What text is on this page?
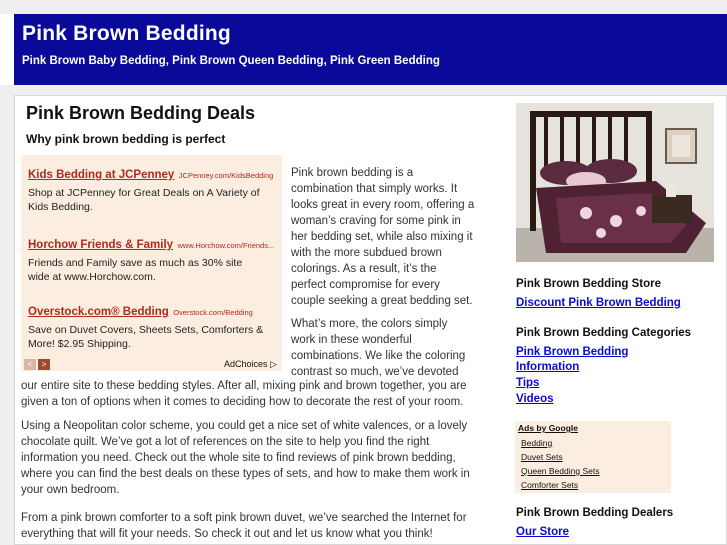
Pink Brown Bedding
Pink Brown Baby Bedding, Pink Brown Queen Bedding, Pink Green Bedding
Pink Brown Bedding Deals
Why pink brown bedding is perfect
Kids Bedding at JCPenney JCPenney.com/KidsBedding
Shop at JCPenney for Great Deals on A Variety of
Kids Bedding.
Horchow Friends & Family www.Horchow.com/Friends...
Friends and Family save as much as 30% site
wide at www.Horchow.com.
Overstock.com® Bedding Overstock.com/Bedding
Save on Duvet Covers, Sheets Sets, Comforters &
More! $2.95 Shipping.
<	>	AdChoices ▷
Pink brown bedding is a
combination that simply works. It
looks great in every room, offering a
woman’s craving for some pink in
her bedding set, while also mixing it
with the more subdued brown
colorings. As a result, it’s the
perfect compromise for every
couple seeking a great bedding set.
What’s more, the colors simply
work in these wonderful
combinations. We like the coloring
contrast so much, we’ve devoted
our entire site to these bedding styles. After all, mixing pink and brown together, you are
given a ton of options when it comes to deciding how to decorate the rest of your room.
Using a Neopolitan color scheme, you could get a nice set of white valences, or a lovely
chocolate quilt. We’ve got a lot of references on the site to help you find the right
information you need. Check out the whole site to find reviews of pink brown bedding,
where you can find the best deals on these types of sets, and how to make them work in
your own bedroom.
From a pink brown comforter to a soft pink brown duvet, we’ve searched the Internet for
everything that will fit your needs. So check it out and let us know what you think!
Pink Brown Bedding Store
Discount Pink Brown Bedding
Pink Brown Bedding Categories
Pink Brown Bedding
Information
Tips
Videos
Ads by Google
Bedding
Duvet Sets
Queen Bedding Sets
Comforter Sets
Pink Brown Bedding Dealers
Our Store
